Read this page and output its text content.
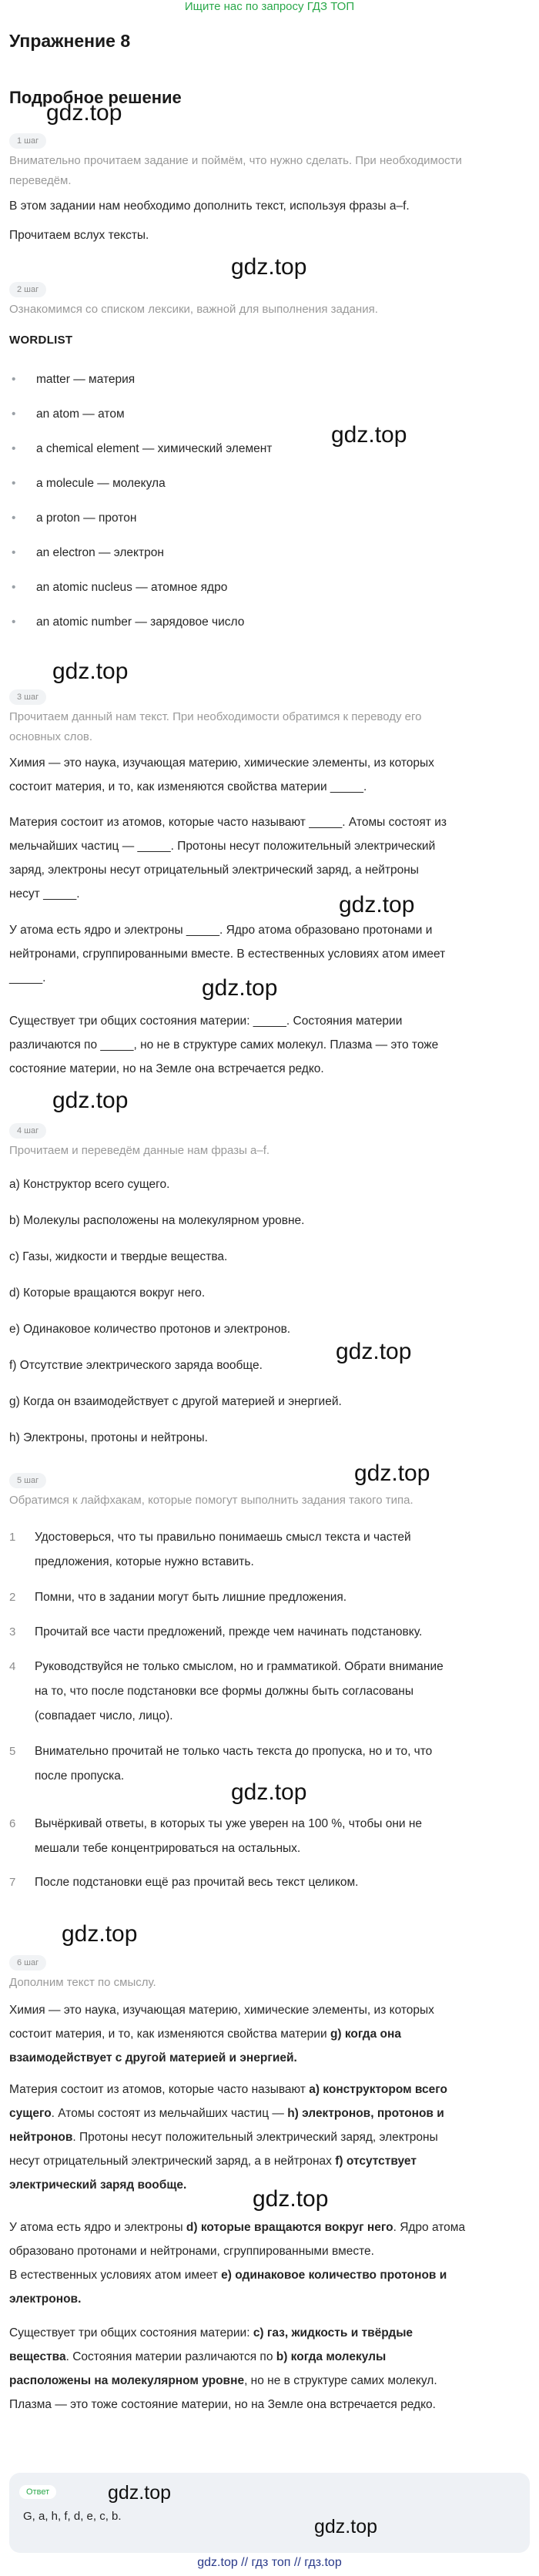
Ищите нас по запросу ГДЗ ТОП
Упражнение 8
Подробное решение
gdz.top
1 шаг
Внимательно прочитаем задание и поймём, что нужно сделать. При необходимости
переведём.
В этом задании нам необходимо дополнить текст, используя фразы a–f.
Прочитаем вслух тексты.
gdz.top
2 шаг
Ознакомимся со списком лексики, важной для выполнения задания.
WORDLIST
• matter — материя
• an atom — атом
• a chemical element — химический элемент
gdz.top
• a molecule — молекула
• a proton — протон
• an electron — электрон
• an atomic nucleus — атомное ядро
• an atomic number — зарядовое число
gdz.top
3 шаг
Прочитаем данный нам текст. При необходимости обратимся к переводу его
основных слов.
Химия — это наука, изучающая материю, химические элементы, из которых
состоит материя, и то, как изменяются свойства материи _____.
Материя состоит из атомов, которые часто называют _____. Атомы состоят из
мельчайших частиц — _____. Протоны несут положительный электрический
заряд, электроны несут отрицательный электрический заряд, а нейтроны
несут _____.	gdz.top
У атома есть ядро и электроны _____. Ядро атома образовано протонами и
нейтронами, сгруппированными вместе. В естественных условиях атом имеет
_____.	gdz.top
Существует три общих состояния материи: _____. Состояния материи
различаются по _____, но не в структуре самих молекул. Плазма — это тоже
состояние материи, но на Земле она встречается редко.
gdz.top
4 шаг
Прочитаем и переведём данные нам фразы a–f.
a) Конструктор всего сущего.
b) Молекулы расположены на молекулярном уровне.
c) Газы, жидкости и твердые вещества.
d) Которые вращаются вокруг него.
e) Одинаковое количество протонов и электронов.
gdz.top
f) Отсутствие электрического заряда вообще.
g) Когда он взаимодействует с другой материей и энергией.
h) Электроны, протоны и нейтроны.
gdz.top
5 шаг
Обратимся к лайфхакам, которые помогут выполнить задания такого типа.
1 Удостоверься, что ты правильно понимаешь смысл текста и частей
предложения, которые нужно вставить.
2 Помни, что в задании могут быть лишние предложения.
3 Прочитай все части предложений, прежде чем начинать подстановку.
4 Руководствуйся не только смыслом, но и грамматикой. Обрати внимание
на то, что после подстановки все формы должны быть согласованы
(совпадает число, лицо).
5 Внимательно прочитай не только часть текста до пропуска, но и то, что
после пропуска.
gdz.top
6 Вычёркивай ответы, в которых ты уже уверен на 100 %, чтобы они не
мешали тебе концентрироваться на остальных.
7 После подстановки ещё раз прочитай весь текст целиком.
gdz.top
6 шаг
Дополним текст по смыслу.
Химия — это наука, изучающая материю, химические элементы, из которых
состоит материя, и то, как изменяются свойства материи g) когда она
взаимодействует с другой материей и энергией.
Материя состоит из атомов, которые часто называют a) конструктором всего
сущего. Атомы состоят из мельчайших частиц — h) электронов, протонов и
нейтронов. Протоны несут положительный электрический заряд, электроны
несут отрицательный электрический заряд, а в нейтронах f) отсутствует
электрический заряд вообще.
gdz.top
У атома есть ядро и электроны d) которые вращаются вокруг него. Ядро атома
образовано протонами и нейтронами, сгруппированными вместе.
В естественных условиях атом имеет e) одинаковое количество протонов и
электронов.
Существует три общих состояния материи: c) газ, жидкость и твёрдые
вещества. Состояния материи различаются по b) когда молекулы
расположены на молекулярном уровне, но не в структуре самих молекул.
Плазма — это тоже состояние материи, но на Земле она встречается редко.
Ответ	gdz.top
G, a, h, f, d, e, c, b.	gdz.top
gdz.top // гдз топ // гдз.top
